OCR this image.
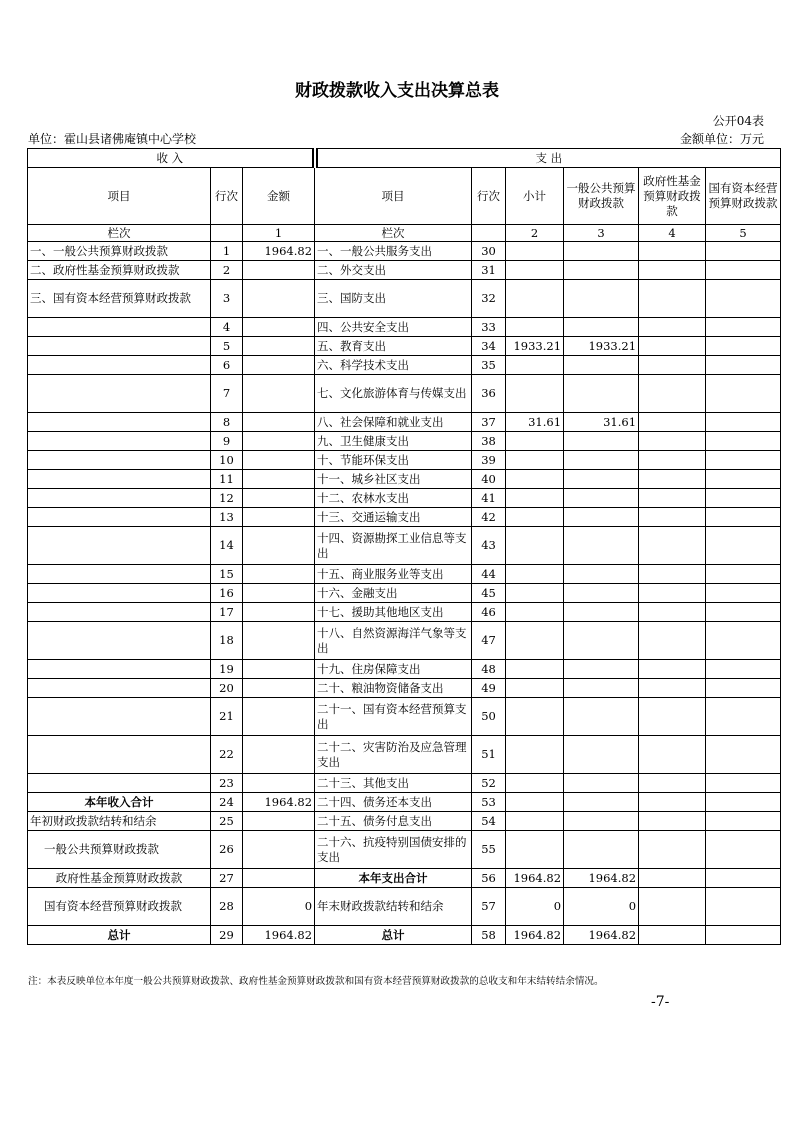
财政拨款收入支出决算总表
公开04表
单位：霍山县诸佛庵镇中心学校	金额单位：万元
收 入			支 出					
项目	行次	金额	项目	行次	小计	一般公共预算财政拨款	政府性基金预算财政拨款	国有资本经营预算财政拨款
栏次		1	栏次		2	3	4	5
一、一般公共预算财政拨款	1	1964.82	一、一般公共服务支出	30				
二、政府性基金预算财政拨款	2		二、外交支出	31				
三、国有资本经营预算财政拨款	3		三、国防支出	32				
	4		四、公共安全支出	33				
	5		五、教育支出	34	1933.21	1933.21		
	6		六、科学技术支出	35				
	7		七、文化旅游体育与传媒支出	36				
	8		八、社会保障和就业支出	37	31.61	31.61		
	9		九、卫生健康支出	38				
	10		十、节能环保支出	39				
	11		十一、城乡社区支出	40				
	12		十二、农林水支出	41				
	13		十三、交通运输支出	42				
	14		十四、资源勘探工业信息等支出	43				
	15		十五、商业服务业等支出	44				
	16		十六、金融支出	45				
	17		十七、援助其他地区支出	46				
	18		十八、自然资源海洋气象等支出	47				
	19		十九、住房保障支出	48				
	20		二十、粮油物资储备支出	49				
	21		二十一、国有资本经营预算支出	50				
	22		二十二、灾害防治及应急管理支出	51				
	23		二十三、其他支出	52				
本年收入合计	24	1964.82	二十四、债务还本支出	53				
年初财政拨款结转和结余	25		二十五、债务付息支出	54				
一般公共预算财政拨款	26		二十六、抗疫特别国债安排的支出	55				
政府性基金预算财政拨款	27		本年支出合计	56	1964.82	1964.82		
国有资本经营预算财政拨款	28	0	年末财政拨款结转和结余	57	0	0		
总计	29	1964.82	总计	58	1964.82	1964.82		
注：本表反映单位本年度一般公共预算财政拨款、政府性基金预算财政拨款和国有资本经营预算财政拨款的总收支和年末结转结余情况。
-7-
